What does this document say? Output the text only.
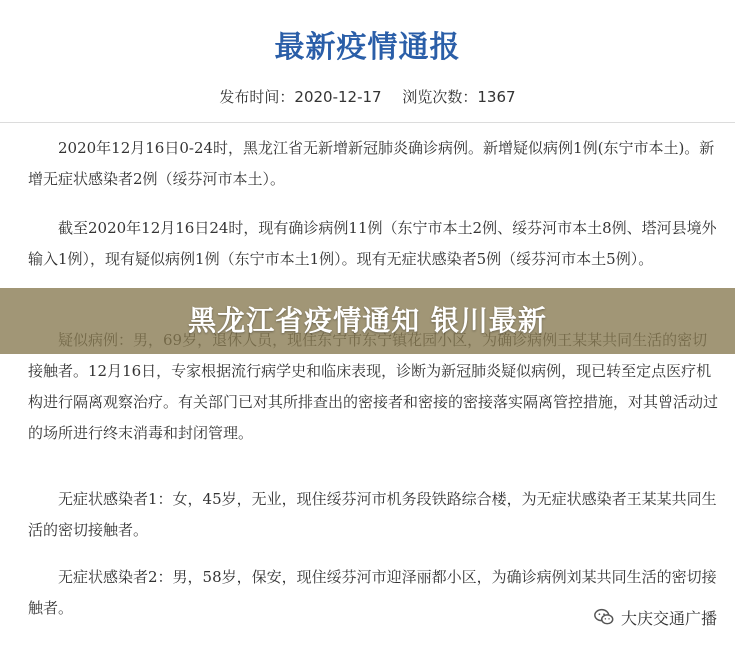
最新疫情通报
发布时间：2020-12-17 浏览次数：1367

2020年12月16日0-24时，黑龙江省无新增新冠肺炎确诊病例。新增疑似病例1例(东宁市本土)。新增无症状感染者2例（绥芬河市本土）。

截至2020年12月16日24时，现有确诊病例11例（东宁市本土2例、绥芬河市本土8例、塔河县境外输入1例），现有疑似病例1例（东宁市本土1例）。现有无症状感染者5例（绥芬河市本土5例）。

接触者。12月16日，专家根据流行病学史和临床表现，诊断为新冠肺炎疑似病例，现已转至定点医疗机构进行隔离观察治疗。有关部门已对其所排查出的密接者和密接的密接落实隔离管控措施，对其曾活动过的场所进行终末消毒和封闭管理。

无症状感染者1：女，45岁，无业，现住绥芬河市机务段铁路综合楼，为无症状感染者王某某共同生活的密切接触者。

无症状感染者2：男，58岁，保安，现住绥芬河市迎泽丽都小区，为确诊病例刘某共同生活的密切接触者。

黑龙江省疫情通知 银川最新
大庆交通广播
